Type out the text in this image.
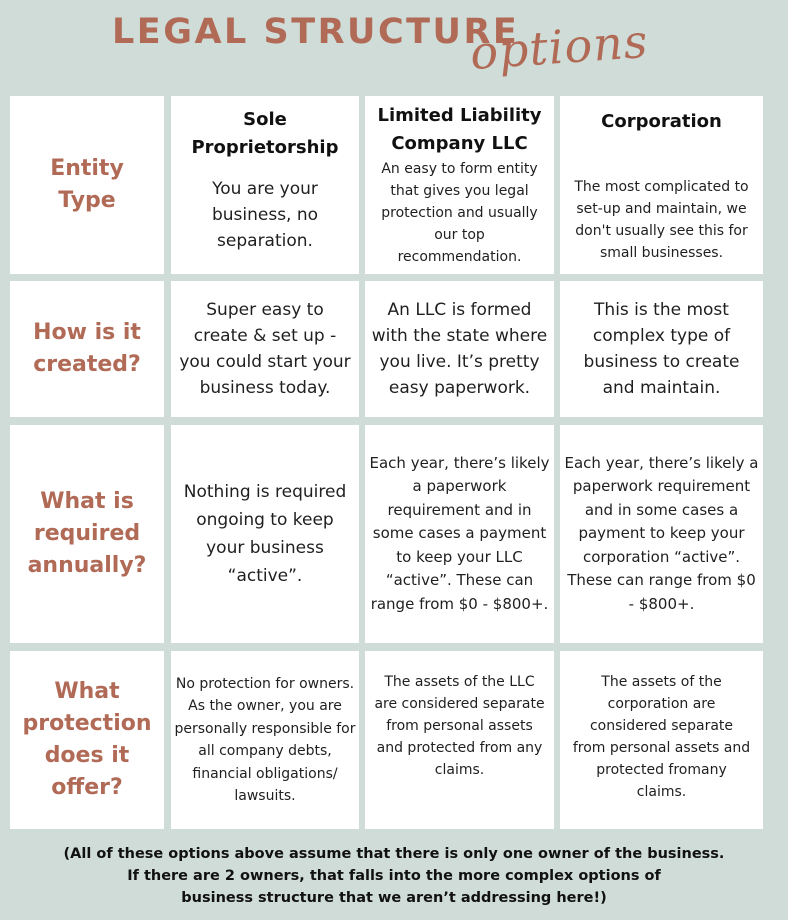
LEGAL STRUCTURE
options
Entity Type
Sole Proprietorship
You are your business, no separation.
Limited Liability Company LLC
An easy to form entity that gives you legal protection and usually our top recommendation.
Corporation
The most complicated to set-up and maintain, we don't usually see this for small businesses.
How is it created?
Super easy to create & set up - you could start your business today.
An LLC is formed with the state where you live. It’s pretty easy paperwork.
This is the most complex type of business to create and maintain.
What is required annually?
Nothing is required ongoing to keep your business “active”.
Each year, there’s likely a paperwork requirement and in some cases a payment to keep your LLC “active”. These can range from $0 - $800+.
Each year, there’s likely a paperwork requirement and in some cases a payment to keep your corporation “active”. These can range from $0 - $800+.
What protection does it offer?
No protection for owners. As the owner, you are personally responsible for all company debts, financial obligations/ lawsuits.
The assets of the LLC are considered separate from personal assets and protected from any claims.
The assets of the corporation are considered separate from personal assets and protected fromany claims.
(All of these options above assume that there is only one owner of the business.
If there are 2 owners, that falls into the more complex options of
business structure that we aren’t addressing here!)
